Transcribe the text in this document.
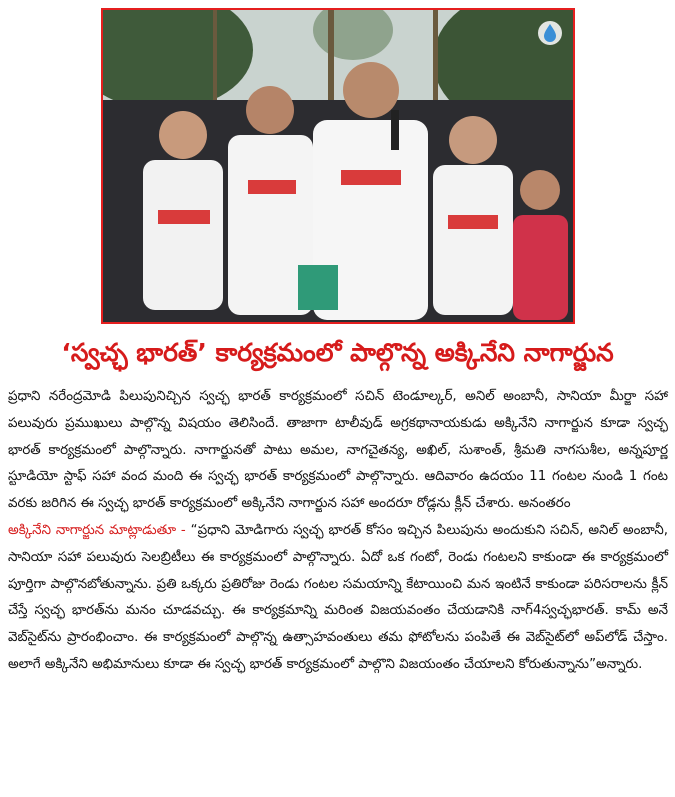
‘స్వచ్ఛ భారత్’ కార్యక్రమంలో పాల్గొన్న అక్కినేని నాగార్జున

ప్రధాని నరేంద్రమోడి పిలుపునిచ్చిన స్వచ్ఛ భారత్ కార్యక్రమంలో సచిన్ టెండూల్కర్, అనిల్ అంబానీ, సానియా మీర్జా సహా పలువురు ప్రముఖులు పాల్గొన్న విషయం తెలిసిందే. తాజాగా టాలీవుడ్ అగ్రకథానాయకుడు అక్కినేని నాగార్జున కూడా స్వచ్ఛ భారత్ కార్యక్రమంలో పాల్గొన్నారు. నాగార్జునతో పాటు అమల, నాగచైతన్య, అఖిల్, సుశాంత్, శ్రీమతి నాగసుశీల, అన్నపూర్ణ స్టూడియో స్టాఫ్ సహా వంద మంది ఈ స్వచ్ఛ భారత్ కార్యక్రమంలో పాల్గొన్నారు. ఆదివారం ఉదయం 11 గంటల నుండి 1 గంట వరకు జరిగిన ఈ స్వచ్ఛ భారత్ కార్యక్రమంలో అక్కినేని నాగార్జున సహా అందరూ రోడ్లను క్లీన్ చేశారు. అనంతరం

అక్కినేని నాగార్జున మాట్లాడుతూ - “ప్రధాని మోడిగారు స్వచ్ఛ భారత్ కోసం ఇచ్చిన పిలుపును అందుకుని సచిన్, అనిల్ అంబానీ, సానియా సహా పలువురు సెలబ్రిటీలు ఈ కార్యక్రమంలో పాల్గొన్నారు. ఏదో ఒక గంటో, రెండు గంటలని కాకుండా ఈ కార్యక్రమంలో పూర్తిగా పాల్గొనబోతున్నాను. ప్రతి ఒక్కరు ప్రతిరోజు రెండు గంటల సమయాన్ని కేటాయించి మన ఇంటినే కాకుండా పరిసరాలను క్లీన్ చేస్తే స్వచ్ఛ భారత్‌ను మనం చూడవచ్చు. ఈ కార్యక్రమాన్ని మరింత విజయవంతం చేయడానికి నాగ్4స్వచ్ఛభారత్. కామ్ అనే వెబ్‌సైట్‌ను ప్రారంభించాం. ఈ కార్యక్రమంలో పాల్గొన్న ఉత్సాహవంతులు తమ ఫోటోలను పంపితే ఈ వెబ్‌సైట్‌లో అప్‌లోడ్ చేస్తాం. అలాగే అక్కినేని అభిమానులు కూడా ఈ స్వచ్ఛ భారత్ కార్యక్రమంలో పాల్గొని విజయంతం చేయాలని కోరుతున్నాను”అన్నారు.
